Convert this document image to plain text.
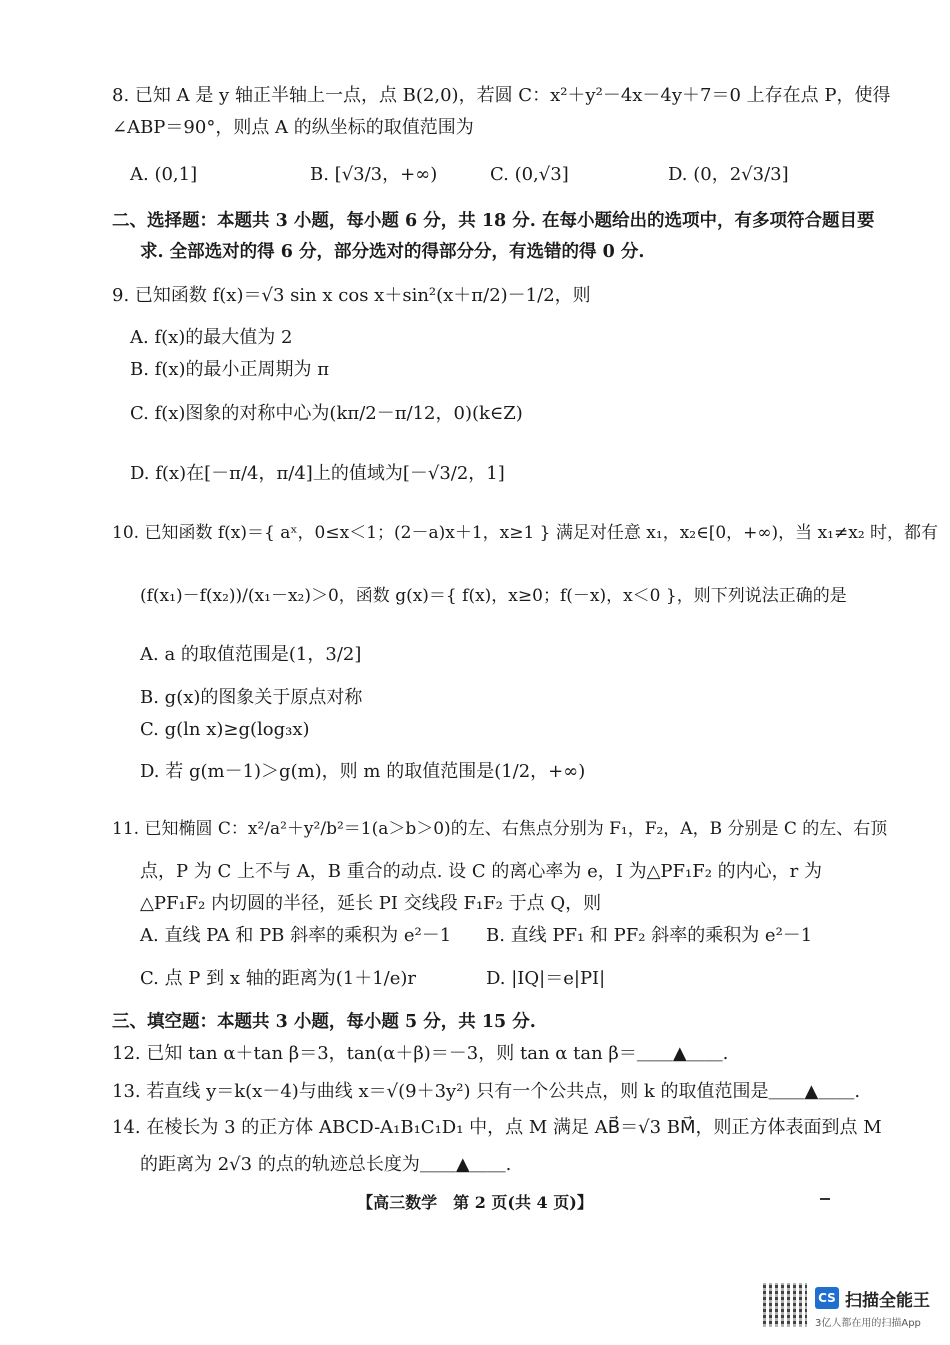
8. 已知 A 是 y 轴正半轴上一点，点 B(2,0)，若圆 C：x²＋y²－4x－4y＋7＝0 上存在点 P，使得
∠ABP＝90°，则点 A 的纵坐标的取值范围为
A. (0,1]	B. [√3/3，+∞)	C. (0,√3]	D. (0，2√3/3]
二、选择题：本题共 3 小题，每小题 6 分，共 18 分. 在每小题给出的选项中，有多项符合题目要
求. 全部选对的得 6 分，部分选对的得部分分，有选错的得 0 分.
9. 已知函数 f(x)＝√3 sin x cos x＋sin²(x＋π/2)－1/2，则
A. f(x)的最大值为 2
B. f(x)的最小正周期为 π
C. f(x)图象的对称中心为(kπ/2－π/12，0)(k∈Z)
D. f(x)在[－π/4，π/4]上的值域为[－√3/2，1]
10. 已知函数 f(x)＝{ aˣ，0≤x＜1；(2－a)x＋1，x≥1 } 满足对任意 x₁，x₂∈[0，+∞)，当 x₁≠x₂ 时，都有
(f(x₁)－f(x₂))/(x₁－x₂)＞0，函数 g(x)＝{ f(x)，x≥0；f(－x)，x＜0 }，则下列说法正确的是
A. a 的取值范围是(1，3/2]
B. g(x)的图象关于原点对称
C. g(ln x)≥g(log₃x)
D. 若 g(m－1)＞g(m)，则 m 的取值范围是(1/2，+∞)
11. 已知椭圆 C：x²/a²＋y²/b²＝1(a＞b＞0)的左、右焦点分别为 F₁，F₂，A，B 分别是 C 的左、右顶
点，P 为 C 上不与 A，B 重合的动点. 设 C 的离心率为 e，I 为△PF₁F₂ 的内心，r 为
△PF₁F₂ 内切圆的半径，延长 PI 交线段 F₁F₂ 于点 Q，则
A. 直线 PA 和 PB 斜率的乘积为 e²－1 B. 直线 PF₁ 和 PF₂ 斜率的乘积为 e²－1
C. 点 P 到 x 轴的距离为(1＋1/e)r	D. |IQ|＝e|PI|
三、填空题：本题共 3 小题，每小题 5 分，共 15 分.
12. 已知 tan α＋tan β＝3，tan(α＋β)＝－3，则 tan α tan β＝＿＿▲＿＿.
13. 若直线 y＝k(x－4)与曲线 x＝√(9＋3y²) 只有一个公共点，则 k 的取值范围是＿＿▲＿＿.
14. 在棱长为 3 的正方体 ABCD-A₁B₁C₁D₁ 中，点 M 满足 AB⃗＝√3 BM⃗，则正方体表面到点 M
的距离为 2√3 的点的轨迹总长度为＿＿▲＿＿.
【高三数学　第 2 页(共 4 页)】
CS 扫描全能王
3亿人都在用的扫描App
